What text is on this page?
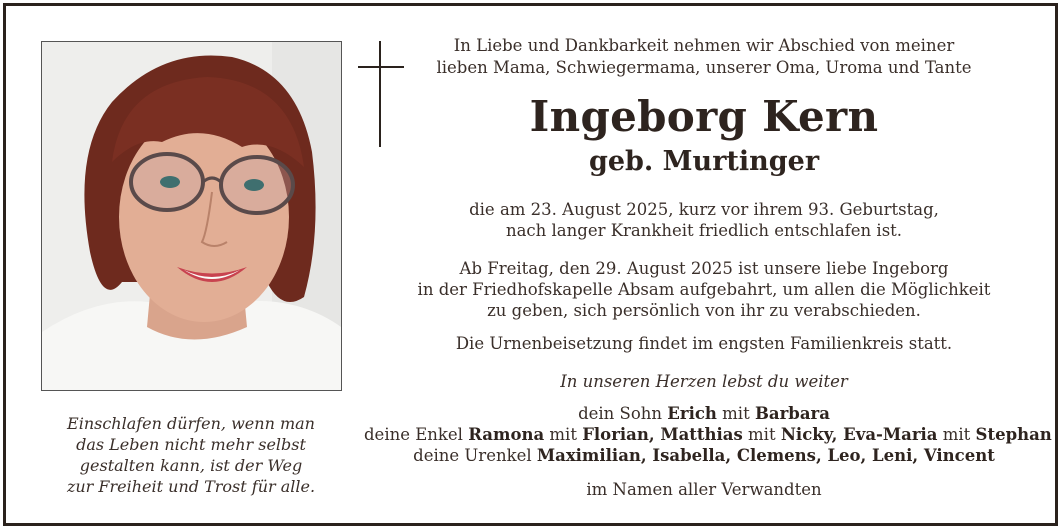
Einschlafen dürfen, wenn man
das Leben nicht mehr selbst
gestalten kann, ist der Weg
zur Freiheit und Trost für alle.
In Liebe und Dankbarkeit nehmen wir Abschied von meiner
lieben Mama, Schwiegermama, unserer Oma, Uroma und Tante
Ingeborg Kern
geb. Murtinger
die am 23. August 2025, kurz vor ihrem 93. Geburtstag,
nach langer Krankheit friedlich entschlafen ist.
Ab Freitag, den 29. August 2025 ist unsere liebe Ingeborg
in der Friedhofskapelle Absam aufgebahrt, um allen die Möglichkeit
zu geben, sich persönlich von ihr zu verabschieden.
Die Urnenbeisetzung findet im engsten Familienkreis statt.
In unseren Herzen lebst du weiter
dein Sohn Erich mit Barbara
deine Enkel Ramona mit Florian, Matthias mit Nicky, Eva-Maria mit Stephan
deine Urenkel Maximilian, Isabella, Clemens, Leo, Leni, Vincent
im Namen aller Verwandten
